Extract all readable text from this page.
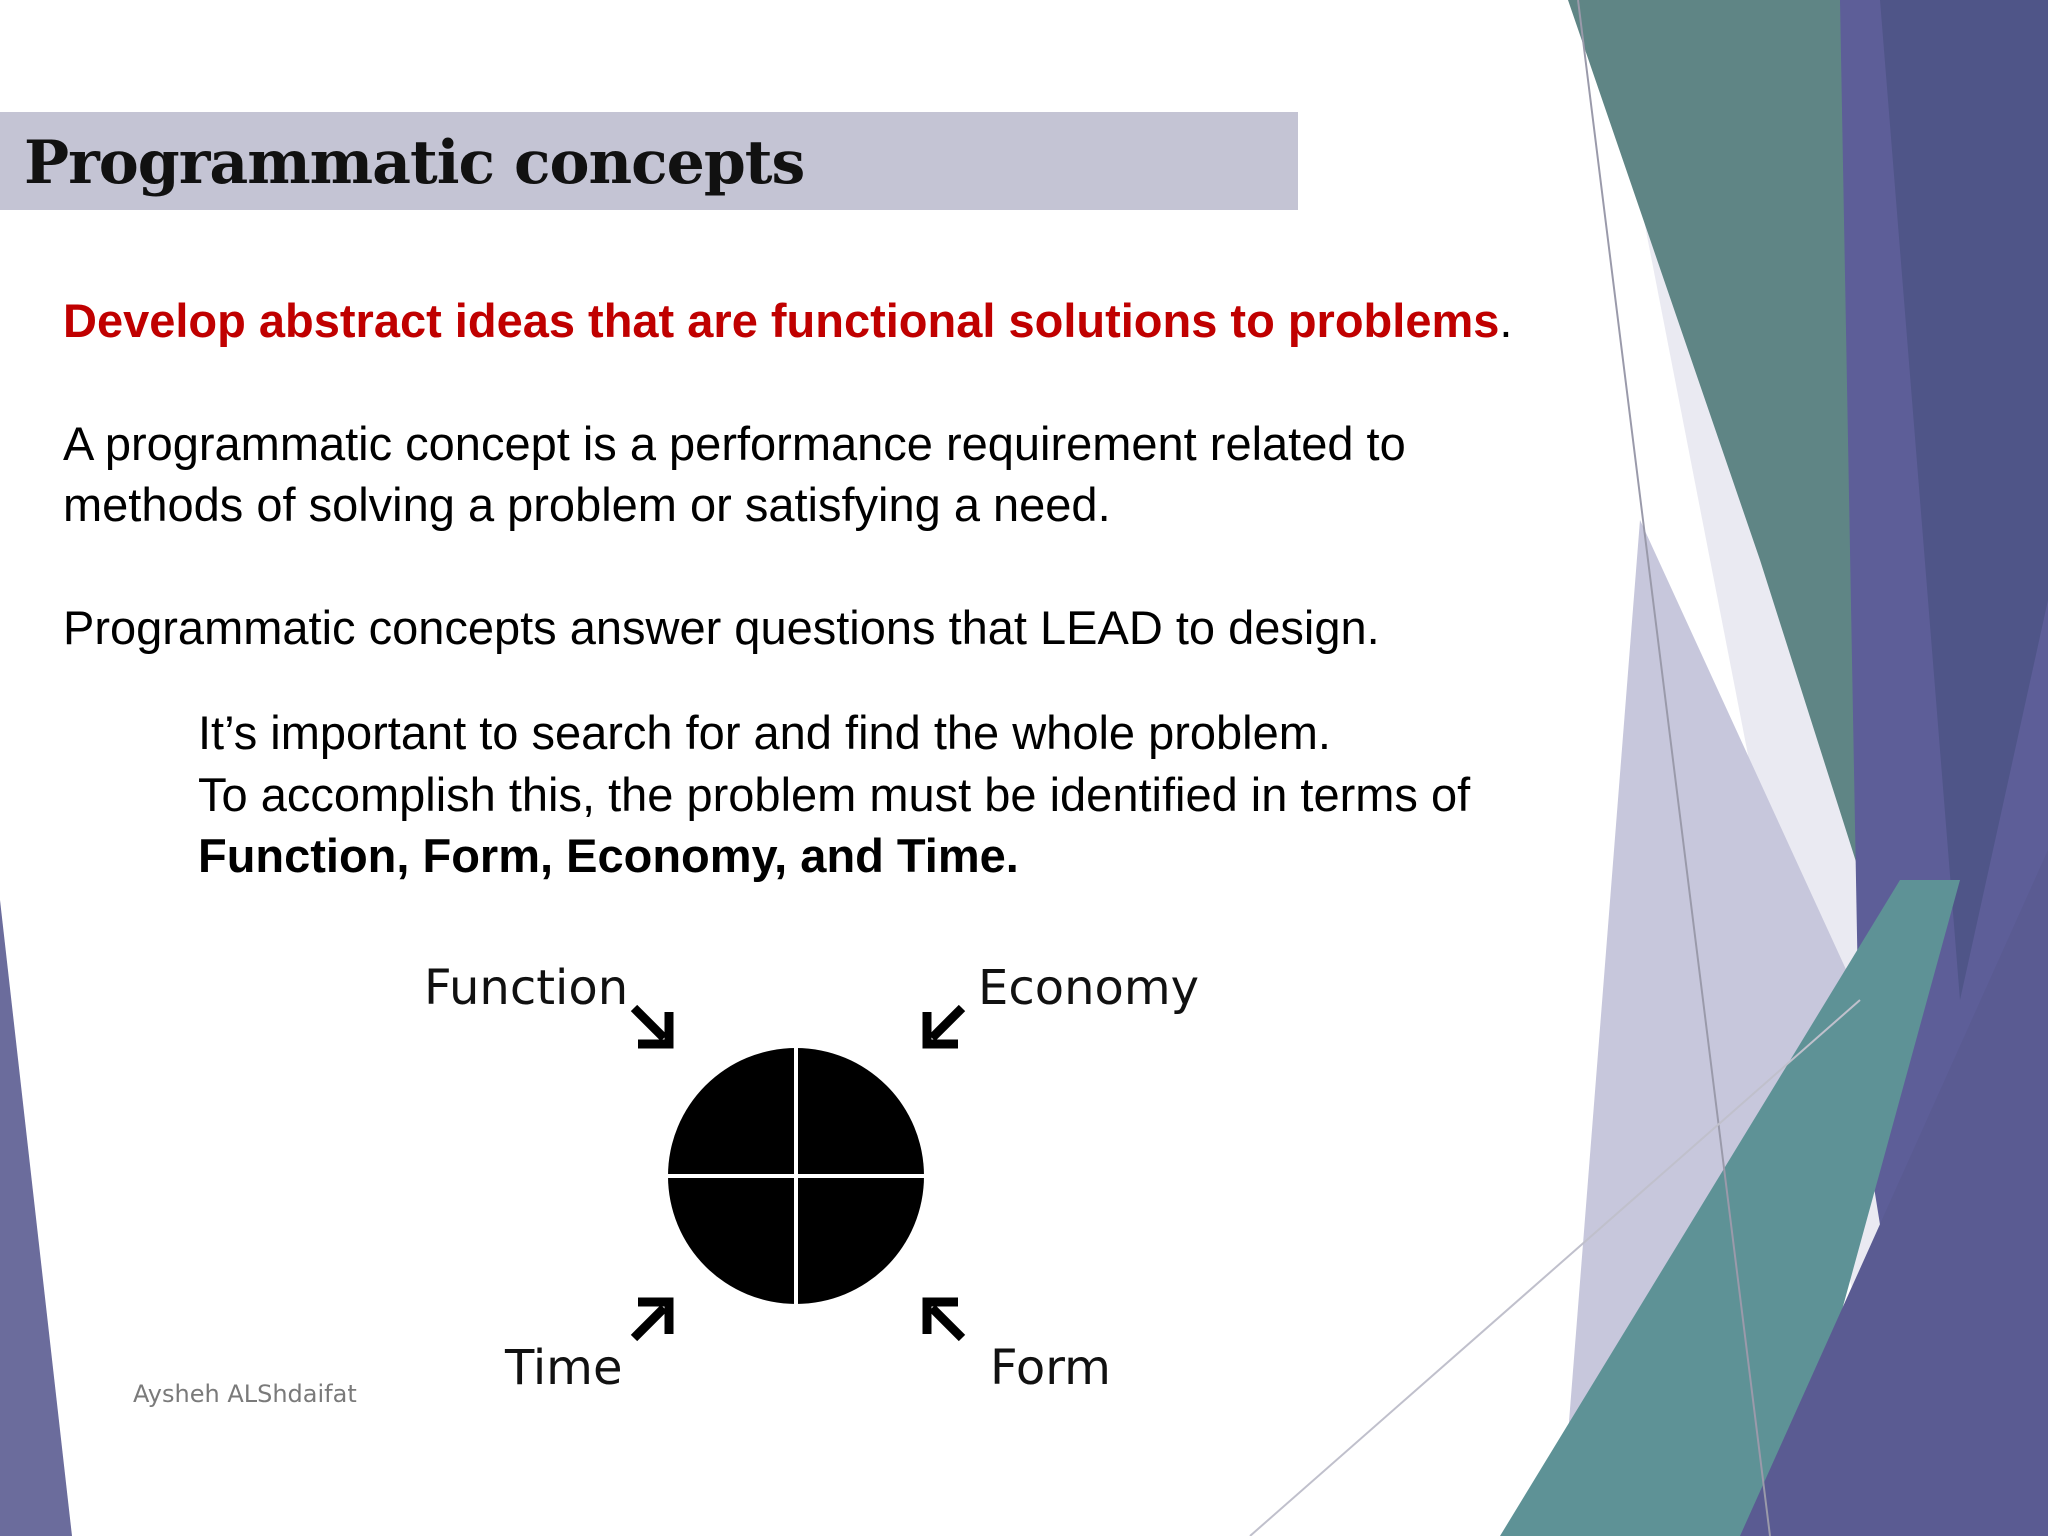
Programmatic concepts
Develop abstract ideas that are functional solutions to problems.
A programmatic concept is a performance requirement related to
methods of solving a problem or satisfying a need.
Programmatic concepts answer questions that LEAD to design.
It’s important to search for and find the whole problem.
To accomplish this, the problem must be identified in terms of
Function, Form, Economy, and Time.
Function	Economy
Time	Form
Aysheh ALShdaifat
